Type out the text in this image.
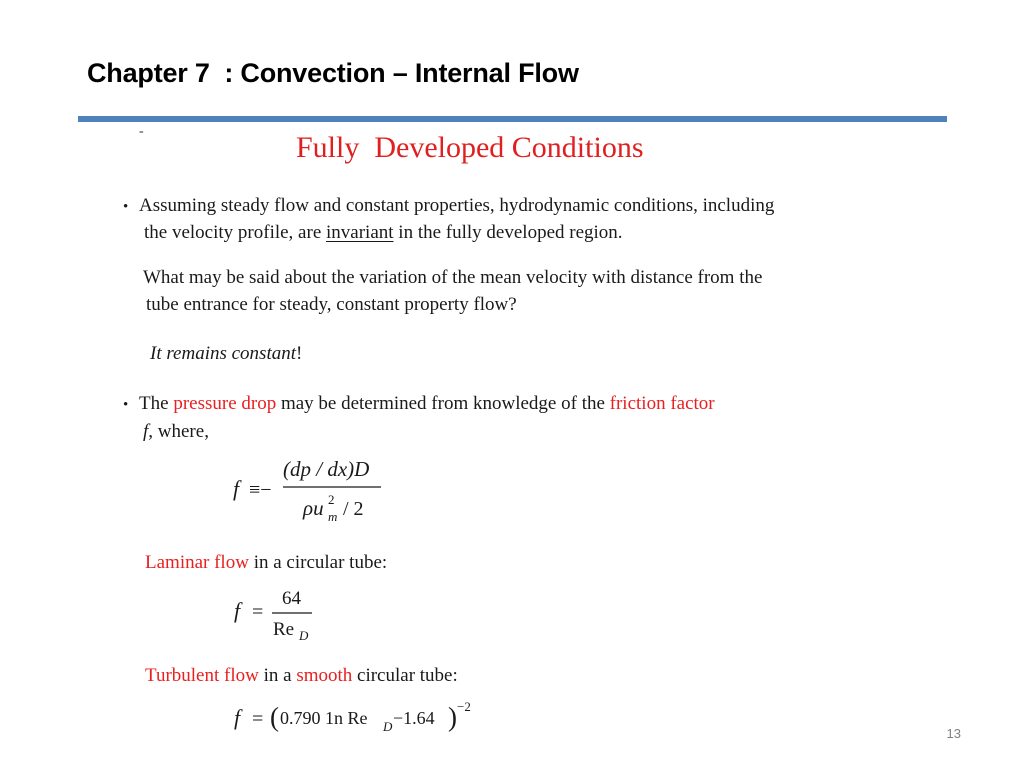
Chapter 7  : Convection – Internal Flow
-	Fully  Developed Conditions
• Assuming steady flow and constant properties, hydrodynamic conditions, including
the velocity profile, are invariant in the fully developed region.
What may be said about the variation of the mean velocity with distance from the
tube entrance for steady, constant property flow?
It remains constant!
• The pressure drop may be determined from knowledge of the friction factor
f, where,
f ≡−
(dp / dx)D
ρu 2
m / 2
Laminar flow in a circular tube:
f =
64
Re D
Turbulent flow in a smooth circular tube:
f = ( 0.790 1n Re D −1.64 ) −2
13
